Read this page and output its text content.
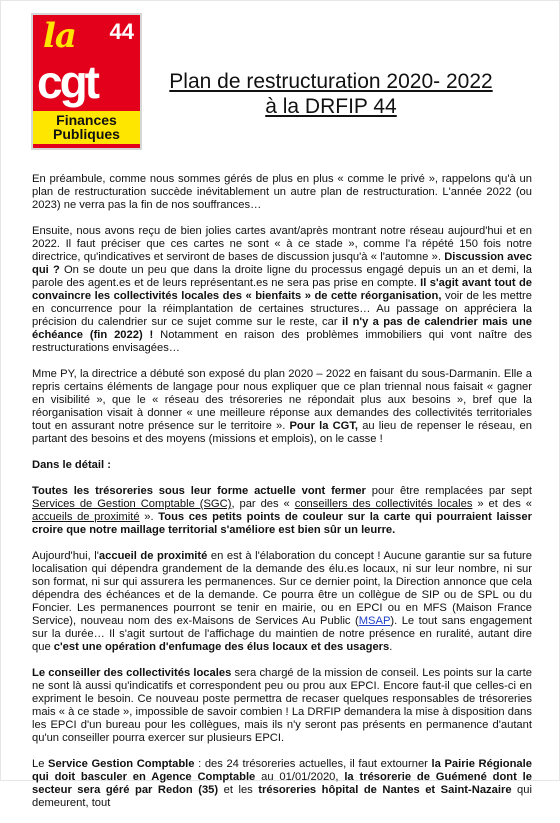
la 44
cgt
Finances
Publiques
Plan de restructuration 2020- 2022
à la DRFIP 44

En préambule, comme nous sommes gérés de plus en plus « comme le privé », rappelons qu'à un plan de restructuration succède inévitablement un autre plan de restructuration. L'année 2022 (ou 2023) ne verra pas la fin de nos souffrances…

Ensuite, nous avons reçu de bien jolies cartes avant/après montrant notre réseau aujourd'hui et en 2022. Il faut préciser que ces cartes ne sont « à ce stade », comme l'a répété 150 fois notre directrice, qu'indicatives et serviront de bases de discussion jusqu'à « l'automne ». Discussion avec qui ? On se doute un peu que dans la droite ligne du processus engagé depuis un an et demi, la parole des agent.es et de leurs représentant.es ne sera pas prise en compte. Il s'agit avant tout de convaincre les collectivités locales des « bienfaits » de cette réorganisation, voir de les mettre en concurrence pour la réimplantation de certaines structures… Au passage on appréciera la précision du calendrier sur ce sujet comme sur le reste, car il n'y a pas de calendrier mais une échéance (fin 2022) ! Notamment en raison des problèmes immobiliers qui vont naître des restructurations envisagées…

Mme PY, la directrice a débuté son exposé du plan 2020 – 2022 en faisant du sous-Darmanin. Elle a repris certains éléments de langage pour nous expliquer que ce plan triennal nous faisait « gagner en visibilité », que le « réseau des trésoreries ne répondait plus aux besoins », bref que la réorganisation visait à donner « une meilleure réponse aux demandes des collectivités territoriales tout en assurant notre présence sur le territoire ». Pour la CGT, au lieu de repenser le réseau, en partant des besoins et des moyens (missions et emplois), on le casse !

Dans le détail :

Toutes les trésoreries sous leur forme actuelle vont fermer pour être remplacées par sept Services de Gestion Comptable (SGC), par des « conseillers des collectivités locales » et des « accueils de proximité ». Tous ces petits points de couleur sur la carte qui pourraient laisser croire que notre maillage territorial s'améliore est bien sûr un leurre.

Aujourd'hui, l'accueil de proximité en est à l'élaboration du concept ! Aucune garantie sur sa future localisation qui dépendra grandement de la demande des élu.es locaux, ni sur leur nombre, ni sur son format, ni sur qui assurera les permanences. Sur ce dernier point, la Direction annonce que cela dépendra des échéances et de la demande. Ce pourra être un collègue de SIP ou de SPL ou du Foncier. Les permanences pourront se tenir en mairie, ou en EPCI ou en MFS (Maison France Service), nouveau nom des ex-Maisons de Services Au Public (MSAP). Le tout sans engagement sur la durée… Il s'agit surtout de l'affichage du maintien de notre présence en ruralité, autant dire que c'est une opération d'enfumage des élus locaux et des usagers.

Le conseiller des collectivités locales sera chargé de la mission de conseil. Les points sur la carte ne sont là aussi qu'indicatifs et correspondent peu ou prou aux EPCI. Encore faut-il que celles-ci en expriment le besoin. Ce nouveau poste permettra de recaser quelques responsables de trésoreries mais « à ce stade », impossible de savoir combien ! La DRFIP demandera la mise à disposition dans les EPCI d'un bureau pour les collègues, mais ils n'y seront pas présents en permanence d'autant qu'un conseiller pourra exercer sur plusieurs EPCI.

Le Service Gestion Comptable : des 24 trésoreries actuelles, il faut extourner la Pairie Régionale qui doit basculer en Agence Comptable au 01/01/2020, la trésorerie de Guémené dont le secteur sera géré par Redon (35) et les trésoreries hôpital de Nantes et Saint-Nazaire qui demeurent, tout
